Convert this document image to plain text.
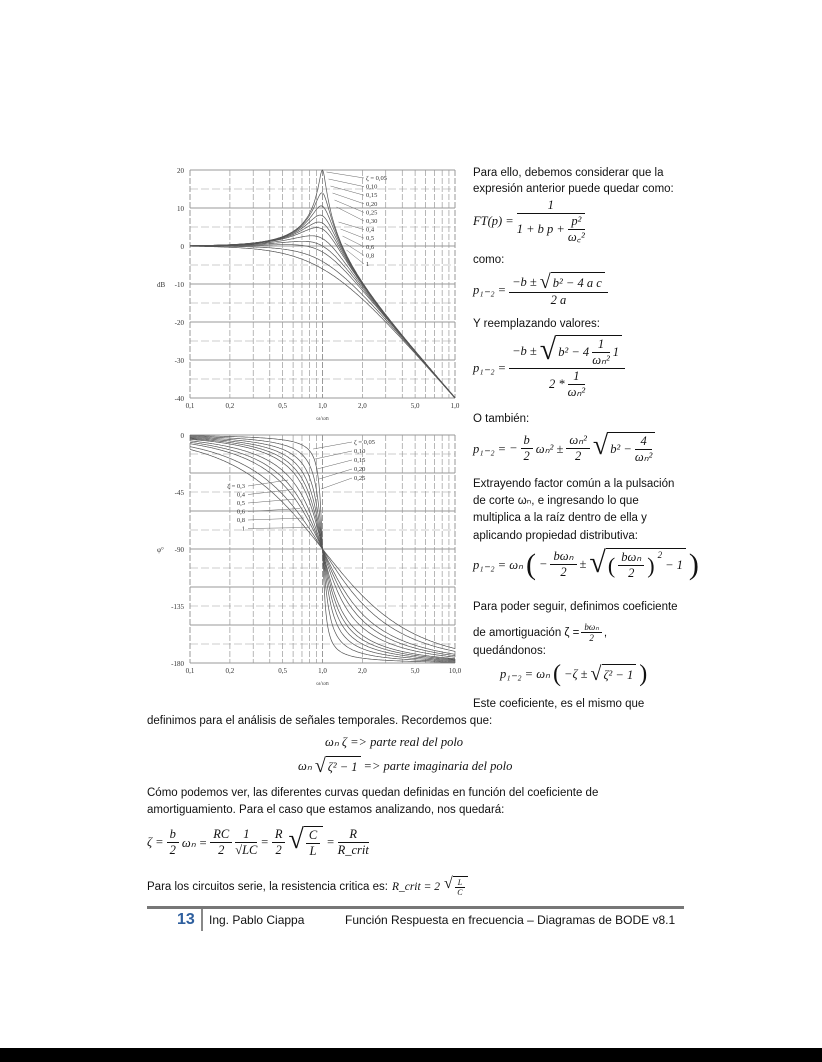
20
10
0
-10
-20
-30
-40
0,1	0,2	0,5	1,0	2,0	5,0	1,0
ω/ωn
dB
0
-45
-90
-135
-180
0,1	0,2	0,5	1,0	2,0	5,0	10,0
ω/ωn
φ°
ζ = 0,05
0,10
0,15
0,20
0,25
0,30
0,4
0,5
0,6
0,8
1
ζ = 0,05
0,10
0,15
0,20
0,25
ζ = 0,3
0,4
0,5
0,6
0,8
1
Para ello, debemos considerar que la
expresión anterior puede quedar como:
$FT(p) = \frac{1}{1 + b p + \frac{\text{p²}}{\text{ω꜀²}}}$
como:
$p_{1-2} = \frac{\text{−b ± √ b² − 4 a c}}{2 a}$
Y reemplazando valores:
$p_{1-2} = \frac{-b \pm √ b^2 - 4 \frac{1}{\text{ωₙ²}} 1}{2 * \frac{1}{\text{ωₙ²}}}$
O también:
p₁₋₂ = − $\frac{b}{2} \omega_n^2 \pm \frac{\text{ωₙ²}}{2}$ √ $b^2 - \frac{4}{\text{ωₙ²}}$
Extrayendo factor común a la pulsación
de corte ωₙ, e ingresando lo que
multiplica a la raíz dentro de ella y
aplicando propiedad distributiva:
p₁₋₂ = ωₙ ( − $\frac{\text{bωₙ}}{2}$ ± √ ( $\frac{\text{bωₙ}}{2}$ ) $^2$
− 1 )
Para poder seguir, definimos coeficiente
de amortiguación $\zeta = \frac{\text{bωₙ}}{2}$ ,
quedándonos:
p₁₋₂ = ωₙ ( −ζ ± √ ζ² − 1 )
Este coeficiente, es el mismo que
definimos para el análisis de señales temporales. Recordemos que:
ωₙ ζ => parte real del polo
ωₙ √ ζ² − 1 => parte imaginaria del polo
Cómo podemos ver, las diferentes curvas quedan definidas en función del coeficiente de
amortiguamiento. Para el caso que estamos analizando, nos quedará:
$\zeta = \frac{b}{2}$ $\omega_n = \frac{RC}{2} \frac{1}{√LC} = \frac{R}{2}$ √ $\frac{C}{L} = \frac{R}{\text{R\_crit}}$
Para los circuitos serie, la resistencia critica es: R_crit = 2 √ $\frac{L}{C}$
13 Ing. Pablo Ciappa	Función Respuesta en frecuencia – Diagramas de BODE v8.1
